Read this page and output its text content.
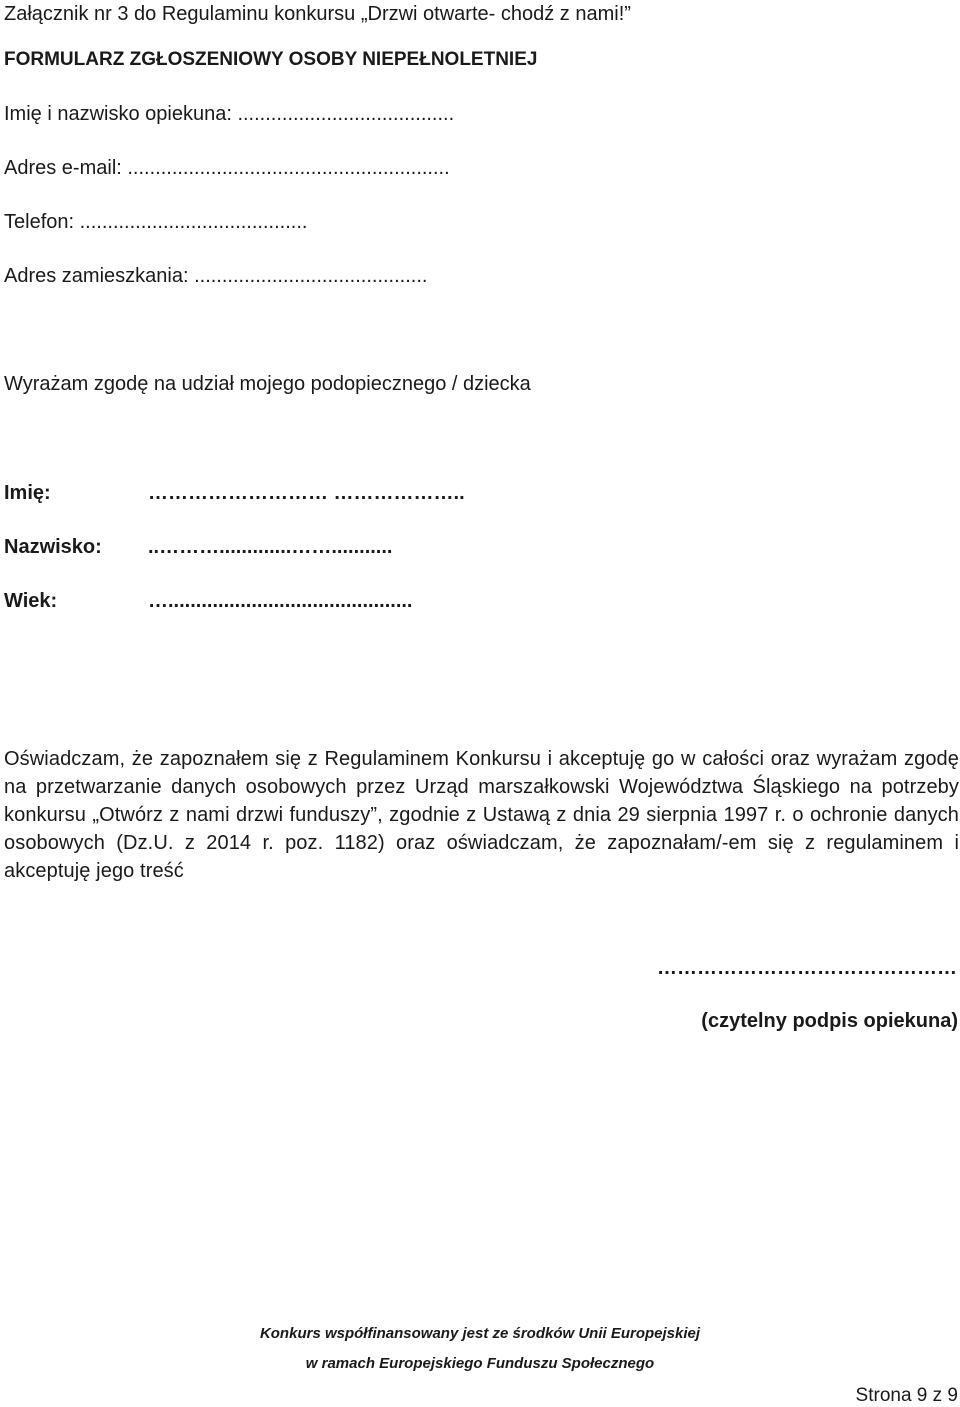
Załącznik nr 3 do Regulaminu konkursu „Drzwi otwarte- chodź z nami!”
FORMULARZ ZGŁOSZENIOWY OSOBY NIEPEŁNOLETNIEJ
Imię i nazwisko opiekuna: .......................................
Adres e-mail: ..........................................................
Telefon: .........................................
Adres zamieszkania: ..........................................
Wyrażam zgodę na udział mojego podopiecznego / dziecka
Imię:	……………………… ………………..
Nazwisko: ..……….............……...........
Wiek:	…............................................
Oświadczam, że zapoznałem się z Regulaminem Konkursu i akceptuję go w całości oraz wyrażam zgodę na przetwarzanie danych osobowych przez Urząd marszałkowski Województwa Śląskiego na potrzeby konkursu „Otwórz z nami drzwi funduszy”, zgodnie z Ustawą z dnia 29 sierpnia 1997 r. o ochronie danych osobowych (Dz.U. z 2014 r. poz. 1182) oraz oświadczam, że zapoznałam/-em się z regulaminem i akceptuję jego treść
………………………………………
(czytelny podpis opiekuna)
Konkurs współfinansowany jest ze środków Unii Europejskiej
w ramach Europejskiego Funduszu Społecznego
Strona 9 z 9
